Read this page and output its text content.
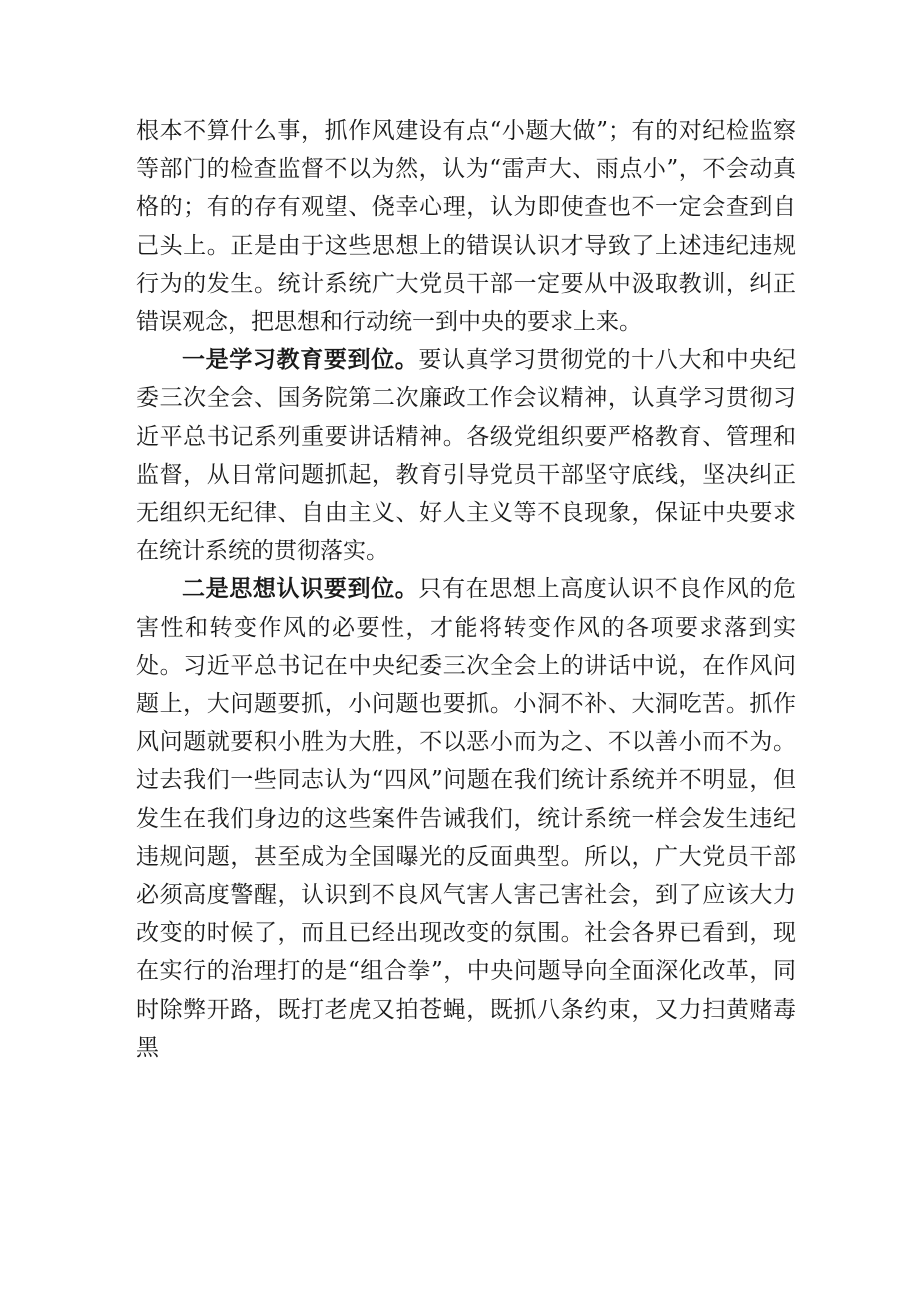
根本不算什么事，抓作风建设有点“小题大做”；有的对纪检监察等部门的检查监督不以为然，认为“雷声大、雨点小”，不会动真格的；有的存有观望、侥幸心理，认为即使查也不一定会查到自己头上。正是由于这些思想上的错误认识才导致了上述违纪违规行为的发生。统计系统广大党员干部一定要从中汲取教训，纠正错误观念，把思想和行动统一到中央的要求上来。

一是学习教育要到位。要认真学习贯彻党的十八大和中央纪委三次全会、国务院第二次廉政工作会议精神，认真学习贯彻习近平总书记系列重要讲话精神。各级党组织要严格教育、管理和监督，从日常问题抓起，教育引导党员干部坚守底线，坚决纠正无组织无纪律、自由主义、好人主义等不良现象，保证中央要求在统计系统的贯彻落实。

二是思想认识要到位。只有在思想上高度认识不良作风的危害性和转变作风的必要性，才能将转变作风的各项要求落到实处。习近平总书记在中央纪委三次全会上的讲话中说，在作风问题上，大问题要抓，小问题也要抓。小洞不补、大洞吃苦。抓作风问题就要积小胜为大胜，不以恶小而为之、不以善小而不为。过去我们一些同志认为“四风”问题在我们统计系统并不明显，但发生在我们身边的这些案件告诫我们，统计系统一样会发生违纪违规问题，甚至成为全国曝光的反面典型。所以，广大党员干部必须高度警醒，认识到不良风气害人害己害社会，到了应该大力改变的时候了，而且已经出现改变的氛围。社会各界已看到，现在实行的治理打的是“组合拳”，中央问题导向全面深化改革，同时除弊开路，既打老虎又拍苍蝇，既抓八条约束，又力扫黄赌毒黑
